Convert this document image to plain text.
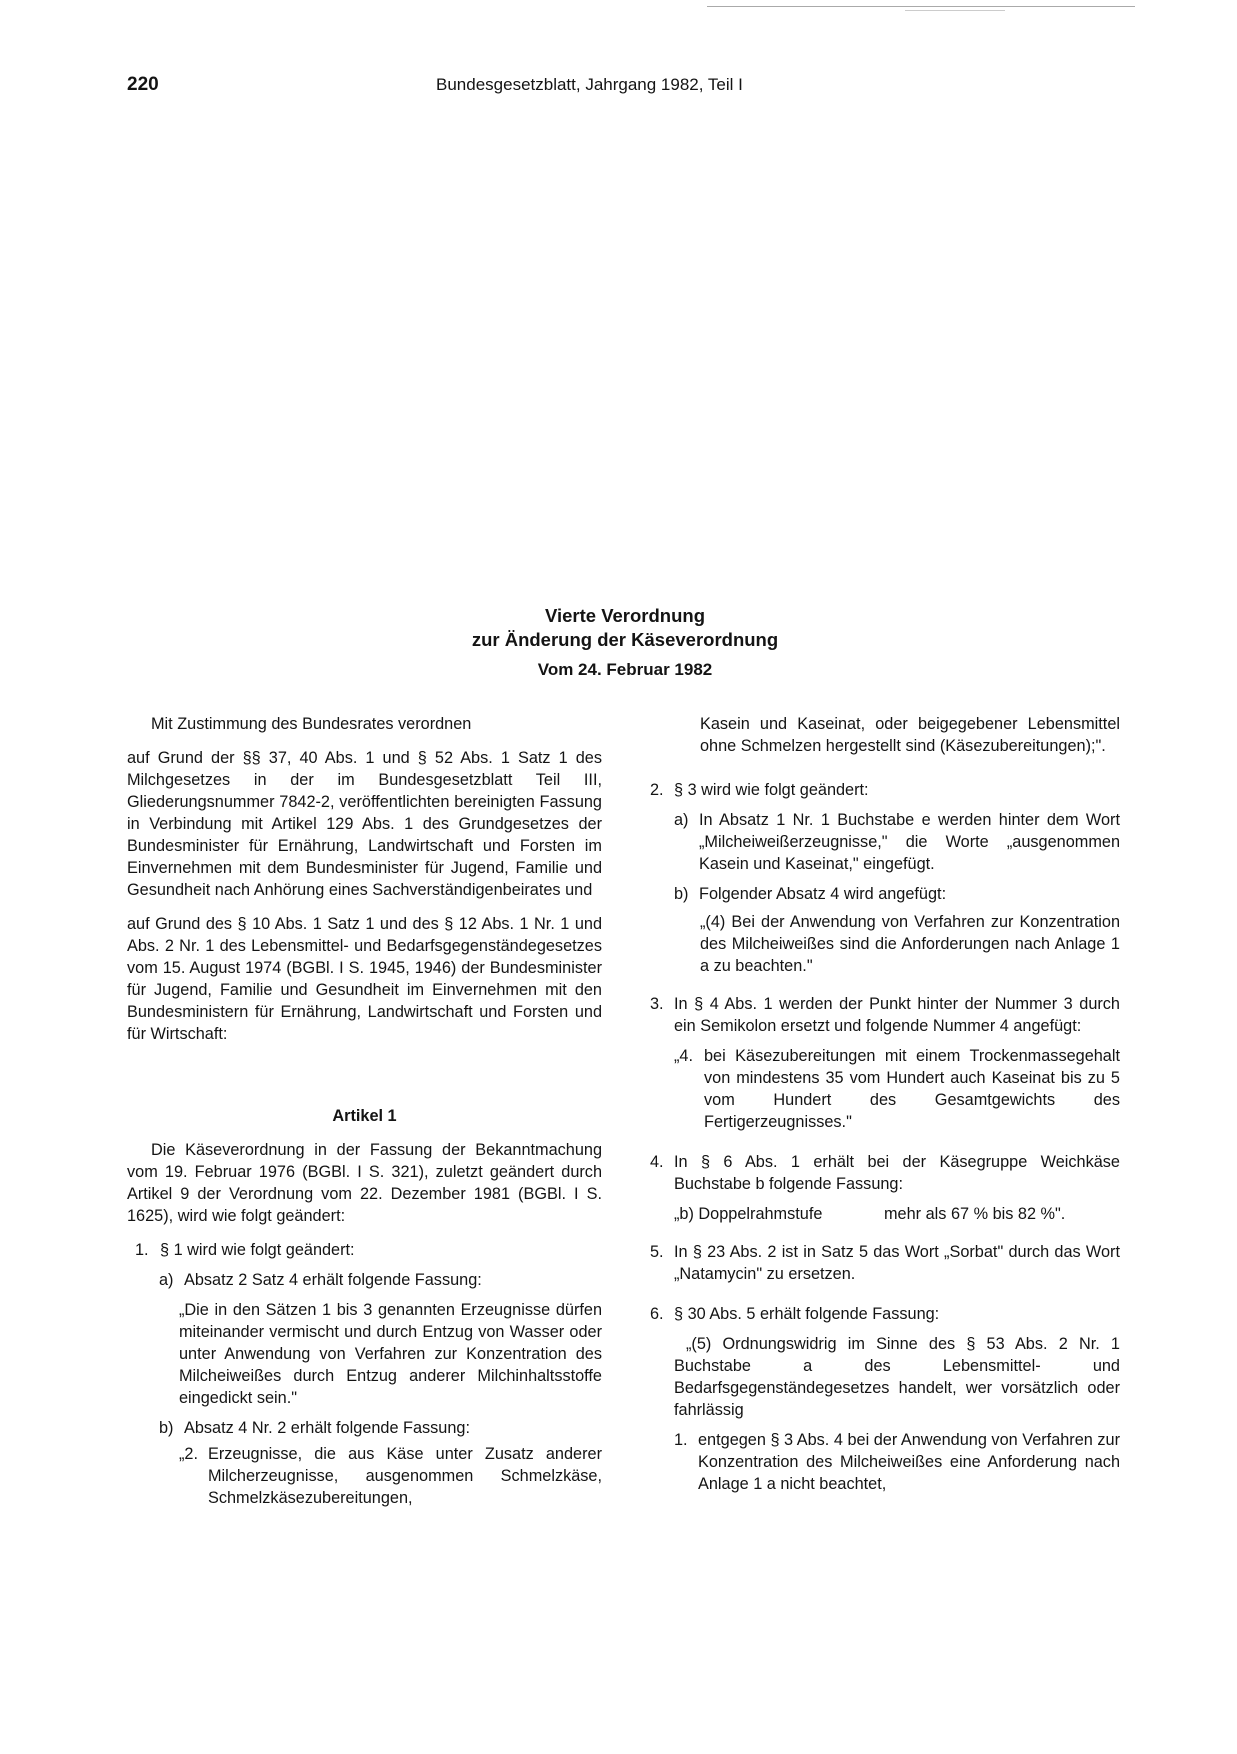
220	Bundesgesetzblatt, Jahrgang 1982, Teil I
Vierte Verordnung
zur Änderung der Käseverordnung
Vom 24. Februar 1982

Mit Zustimmung des Bundesrates verordnen

auf Grund der §§ 37, 40 Abs. 1 und § 52 Abs. 1 Satz 1 des Milchgesetzes in der im Bundesgesetzblatt Teil III, Gliederungsnummer 7842-2, veröffentlichten bereinigten Fassung in Verbindung mit Artikel 129 Abs. 1 des Grundgesetzes der Bundesminister für Ernährung, Landwirtschaft und Forsten im Einvernehmen mit dem Bundesminister für Jugend, Familie und Gesundheit nach Anhörung eines Sachverständigenbeirates und

auf Grund des § 10 Abs. 1 Satz 1 und des § 12 Abs. 1 Nr. 1 und Abs. 2 Nr. 1 des Lebensmittel- und Bedarfsgegenständegesetzes vom 15. August 1974 (BGBl. I S. 1945, 1946) der Bundesminister für Jugend, Familie und Gesundheit im Einvernehmen mit den Bundesministern für Ernährung, Landwirtschaft und Forsten und für Wirtschaft:

Artikel 1

Die Käseverordnung in der Fassung der Bekanntmachung vom 19. Februar 1976 (BGBl. I S. 321), zuletzt geändert durch Artikel 9 der Verordnung vom 22. Dezember 1981 (BGBl. I S. 1625), wird wie folgt geändert:

1. § 1 wird wie folgt geändert:
a) Absatz 2 Satz 4 erhält folgende Fassung:

„Die in den Sätzen 1 bis 3 genannten Erzeugnisse dürfen miteinander vermischt und durch Entzug von Wasser oder unter Anwendung von Verfahren zur Konzentration des Milcheiweißes durch Entzug anderer Milchinhaltsstoffe eingedickt sein."

b) Absatz 4 Nr. 2 erhält folgende Fassung:
„2. Erzeugnisse, die aus Käse unter Zusatz anderer Milcherzeugnisse, ausgenommen Schmelzkäse, Schmelzkäsezubereitungen,

Kasein und Kaseinat, oder beigegebener Lebensmittel ohne Schmelzen hergestellt sind (Käsezubereitungen);".

2. § 3 wird wie folgt geändert:
a) In Absatz 1 Nr. 1 Buchstabe e werden hinter dem Wort „Milcheiweißerzeugnisse," die Worte „ausgenommen Kasein und Kaseinat," eingefügt.
b) Folgender Absatz 4 wird angefügt:

„(4) Bei der Anwendung von Verfahren zur Konzentration des Milcheiweißes sind die Anforderungen nach Anlage 1 a zu beachten."

3. In § 4 Abs. 1 werden der Punkt hinter der Nummer 3 durch ein Semikolon ersetzt und folgende Nummer 4 angefügt:
„4. bei Käsezubereitungen mit einem Trockenmassegehalt von mindestens 35 vom Hundert auch Kaseinat bis zu 5 vom Hundert des Gesamtgewichts des Fertigerzeugnisses."
4. In § 6 Abs. 1 erhält bei der Käsegruppe Weichkäse Buchstabe b folgende Fassung:
„b) Doppelrahmstufe	mehr als 67 % bis 82 %".
5. In § 23 Abs. 2 ist in Satz 5 das Wort „Sorbat" durch das Wort „Natamycin" zu ersetzen.
6. § 30 Abs. 5 erhält folgende Fassung:

„(5) Ordnungswidrig im Sinne des § 53 Abs. 2 Nr. 1 Buchstabe a des Lebensmittel- und Bedarfsgegenständegesetzes handelt, wer vorsätzlich oder fahrlässig

1. entgegen § 3 Abs. 4 bei der Anwendung von Verfahren zur Konzentration des Milcheiweißes eine Anforderung nach Anlage 1 a nicht beachtet,
